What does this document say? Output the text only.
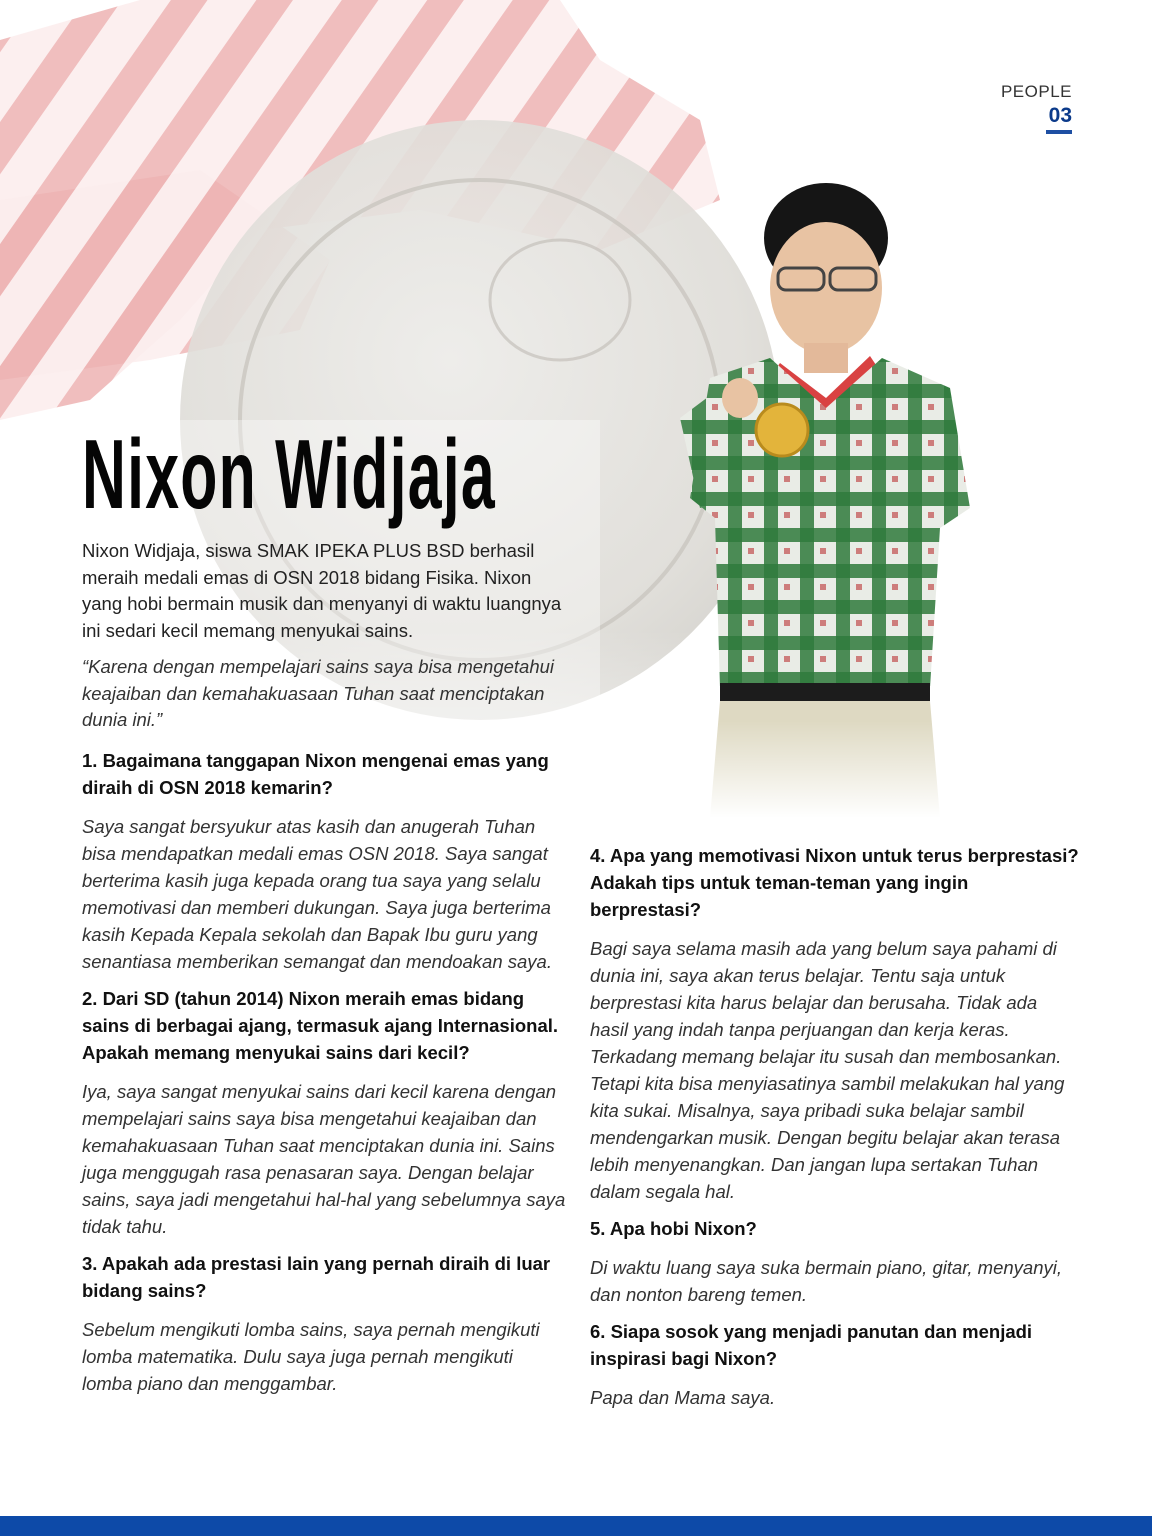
PEOPLE
03
Nixon Widjaja

Nixon Widjaja, siswa SMAK IPEKA PLUS BSD berhasil meraih medali emas di OSN 2018 bidang Fisika. Nixon yang hobi bermain musik dan menyanyi di waktu luangnya ini sedari kecil memang menyukai sains.

“Karena dengan mempelajari sains saya bisa mengetahui keajaiban dan kemahakuasaan Tuhan saat menciptakan dunia ini.”

1. Bagaimana tanggapan Nixon mengenai emas yang diraih di OSN 2018 kemarin?

Saya sangat bersyukur atas kasih dan anugerah Tuhan bisa mendapatkan medali emas OSN 2018. Saya sangat berterima kasih juga kepada orang tua saya yang selalu memotivasi dan memberi dukungan. Saya juga berterima kasih Kepada Kepala sekolah dan Bapak Ibu guru yang senantiasa memberikan semangat dan mendoakan saya.

2. Dari SD (tahun 2014) Nixon meraih emas bidang sains di berbagai ajang, termasuk ajang Internasional. Apakah memang menyukai sains dari kecil?

Iya, saya sangat menyukai sains dari kecil karena dengan mempelajari sains saya bisa mengetahui keajaiban dan kemahakuasaan Tuhan saat menciptakan dunia ini. Sains juga menggugah rasa penasaran saya. Dengan belajar sains, saya jadi mengetahui hal-hal yang sebelumnya saya tidak tahu.

3. Apakah ada prestasi lain yang pernah diraih di luar bidang sains?

Sebelum mengikuti lomba sains, saya pernah mengikuti lomba matematika. Dulu saya juga pernah mengikuti lomba piano dan menggambar.

4. Apa yang memotivasi Nixon untuk terus berprestasi? Adakah tips untuk teman-teman yang ingin berprestasi?

Bagi saya selama masih ada yang belum saya pahami di dunia ini, saya akan terus belajar. Tentu saja untuk berprestasi kita harus belajar dan berusaha. Tidak ada hasil yang indah tanpa perjuangan dan kerja keras. Terkadang memang belajar itu susah dan membosankan. Tetapi kita bisa menyiasatinya sambil melakukan hal yang kita sukai. Misalnya, saya pribadi suka belajar sambil mendengarkan musik. Dengan begitu belajar akan terasa lebih menyenangkan. Dan jangan lupa sertakan Tuhan dalam segala hal.

5. Apa hobi Nixon?

Di waktu luang saya suka bermain piano, gitar, menyanyi, dan nonton bareng temen.

6. Siapa sosok yang menjadi panutan dan menjadi inspirasi bagi Nixon?

Papa dan Mama saya.
